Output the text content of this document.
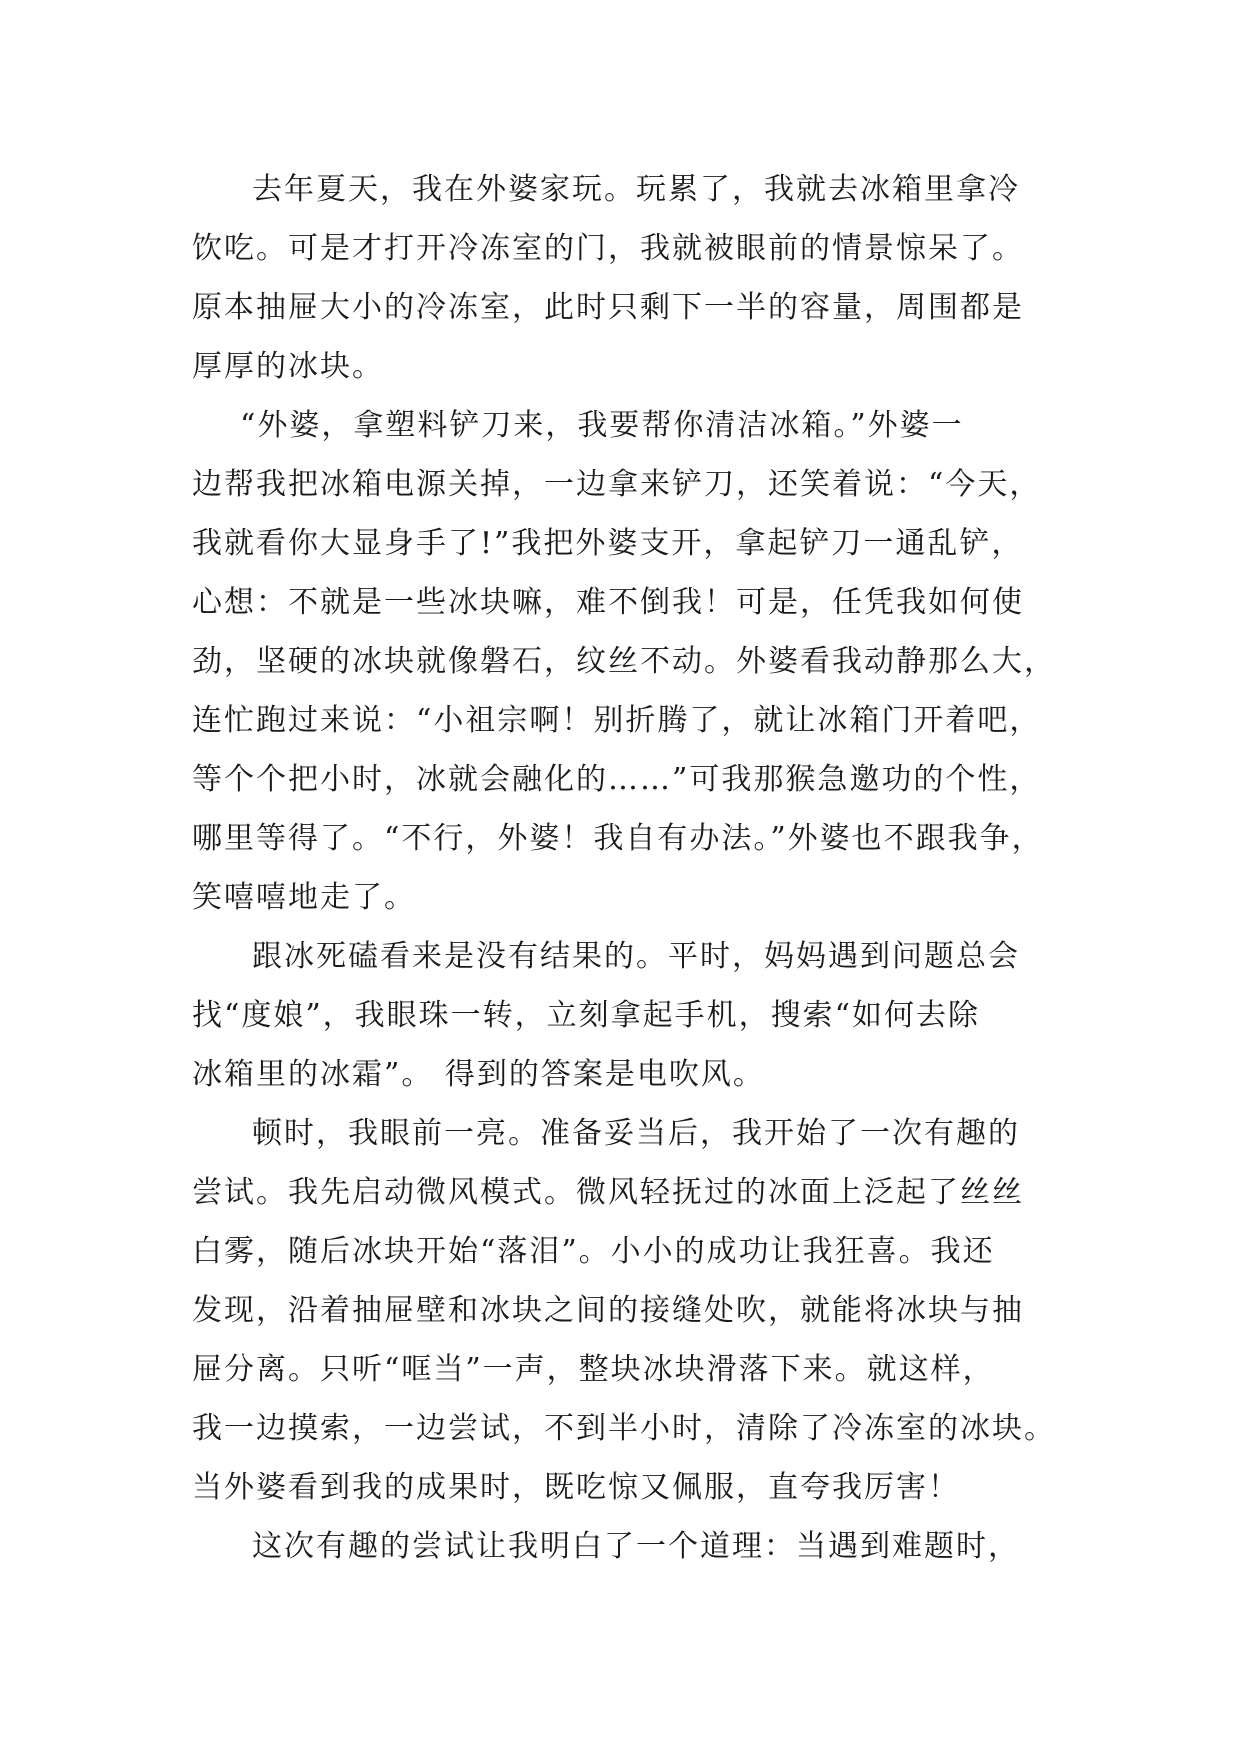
去年夏天，我在外婆家玩。玩累了，我就去冰箱里拿冷
饮吃。可是才打开冷冻室的门，我就被眼前的情景惊呆了。
原本抽屉大小的冷冻室，此时只剩下一半的容量，周围都是
厚厚的冰块。
“外婆，拿塑料铲刀来，我要帮你清洁冰箱。”外婆一
边帮我把冰箱电源关掉，一边拿来铲刀，还笑着说：“今天，
我就看你大显身手了!”我把外婆支开，拿起铲刀一通乱铲，
心想：不就是一些冰块嘛，难不倒我！可是，任凭我如何使
劲，坚硬的冰块就像磐石，纹丝不动。外婆看我动静那么大，
连忙跑过来说：“小祖宗啊！别折腾了，就让冰箱门开着吧，
等个个把小时，冰就会融化的……”可我那猴急邀功的个性，
哪里等得了。“不行，外婆！我自有办法。”外婆也不跟我争，
笑嘻嘻地走了。
跟冰死磕看来是没有结果的。平时，妈妈遇到问题总会
找“度娘”，我眼珠一转，立刻拿起手机，搜索“如何去除
冰箱里的冰霜”。 得到的答案是电吹风。
顿时，我眼前一亮。准备妥当后，我开始了一次有趣的
尝试。我先启动微风模式。微风轻抚过的冰面上泛起了丝丝
白雾，随后冰块开始“落泪”。小小的成功让我狂喜。我还
发现，沿着抽屉壁和冰块之间的接缝处吹，就能将冰块与抽
屉分离。只听“哐当”一声，整块冰块滑落下来。就这样，
我一边摸索，一边尝试，不到半小时，清除了冷冻室的冰块。
当外婆看到我的成果时，既吃惊又佩服，直夸我厉害！
这次有趣的尝试让我明白了一个道理：当遇到难题时，
